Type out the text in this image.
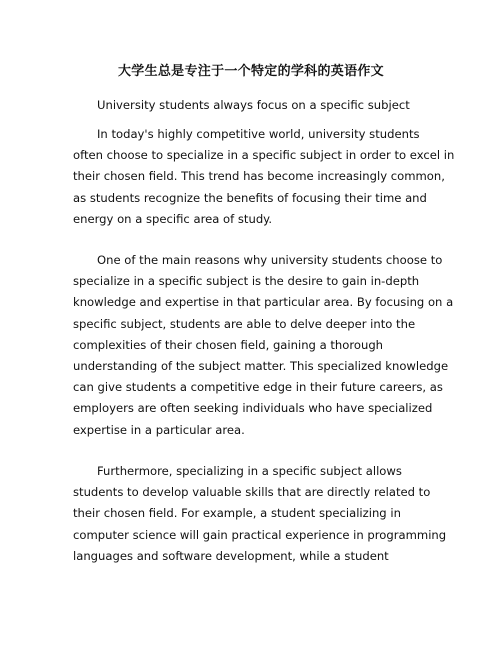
大学生总是专注于一个特定的学科的英语作文
University students always focus on a specific subject
In today's highly competitive world, university students
often choose to specialize in a specific subject in order to excel in
their chosen field. This trend has become increasingly common,
as students recognize the benefits of focusing their time and
energy on a specific area of study.
One of the main reasons why university students choose to
specialize in a specific subject is the desire to gain in-depth
knowledge and expertise in that particular area. By focusing on a
specific subject, students are able to delve deeper into the
complexities of their chosen field, gaining a thorough
understanding of the subject matter. This specialized knowledge
can give students a competitive edge in their future careers, as
employers are often seeking individuals who have specialized
expertise in a particular area.
Furthermore, specializing in a specific subject allows
students to develop valuable skills that are directly related to
their chosen field. For example, a student specializing in
computer science will gain practical experience in programming
languages and software development, while a student
